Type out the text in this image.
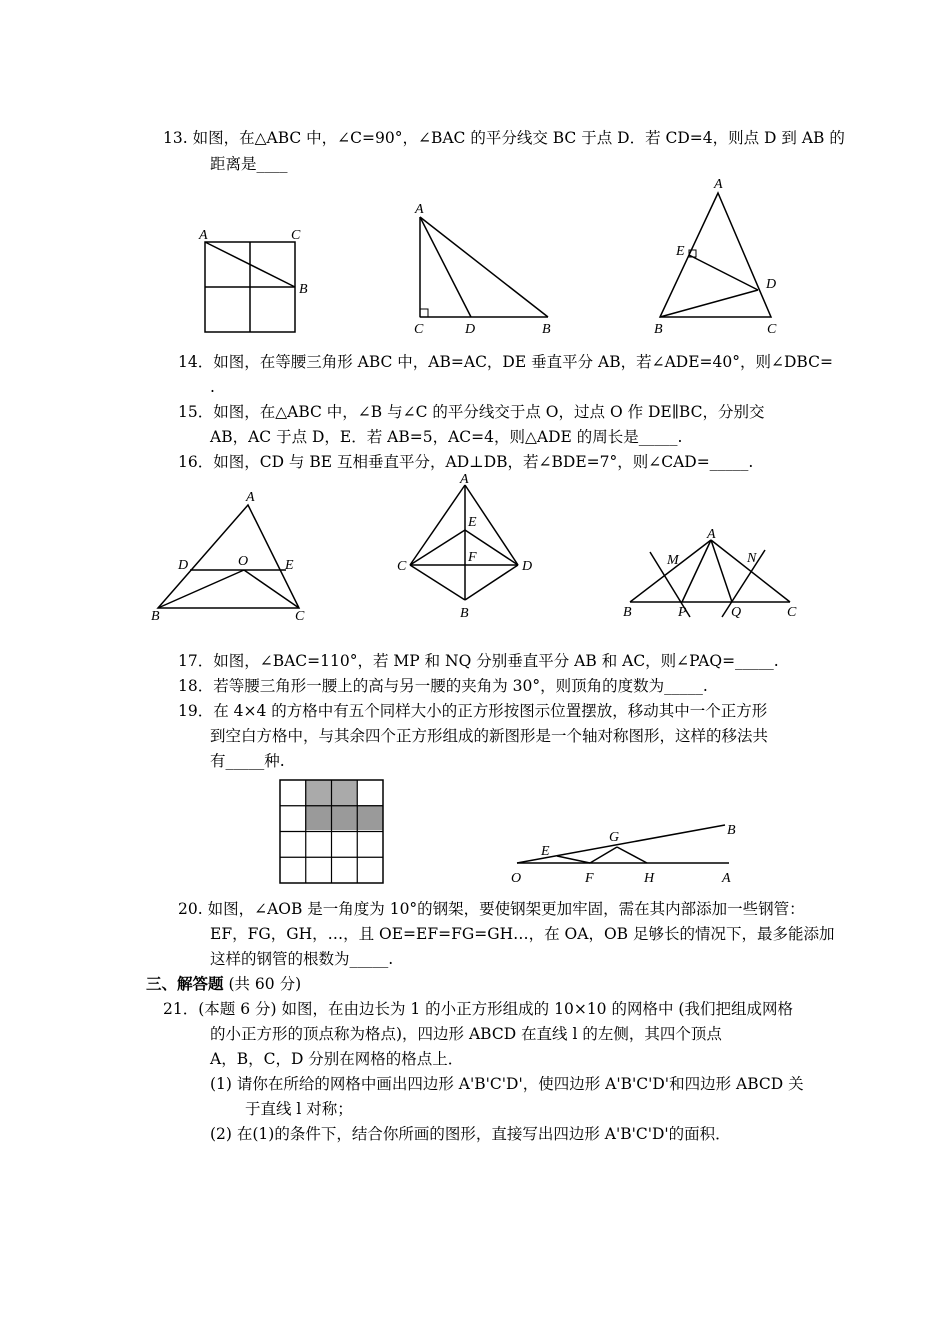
13. 如图，在△ABC 中，∠C=90°，∠BAC 的平分线交 BC 于点 D．若 CD=4，则点 D 到 AB 的
距离是____
A	C
B
A
C	D	B
A
E
D
B	C
14．如图，在等腰三角形 ABC 中，AB=AC，DE 垂直平分 AB，若∠ADE=40°，则∠DBC=
.
15．如图，在△ABC 中，∠B 与∠C 的平分线交于点 O，过点 O 作 DE∥BC，分别交
AB，AC 于点 D，E．若 AB=5，AC=4，则△ADE 的周长是_____.
16．如图，CD 与 BE 互相垂直平分，AD⊥DB，若∠BDE=7°，则∠CAD=_____.
A
D	O	E
B	C
A
E
F
C	D
B
A
M	N
B	P	Q	C
17．如图，∠BAC=110°，若 MP 和 NQ 分别垂直平分 AB 和 AC，则∠PAQ=_____.
18．若等腰三角形一腰上的高与另一腰的夹角为 30°，则顶角的度数为_____.
19．在 4×4 的方格中有五个同样大小的正方形按图示位置摆放，移动其中一个正方形
到空白方格中，与其余四个正方形组成的新图形是一个轴对称图形，这样的移法共
有_____种.
B
G
E
O	F	H	A
20. 如图，∠AOB 是一角度为 10°的钢架，要使钢架更加牢固，需在其内部添加一些钢管：
EF，FG，GH，…，且 OE=EF=FG=GH…，在 OA，OB 足够长的情况下，最多能添加
这样的钢管的根数为_____.
三、解答题 (共 60 分)
21．(本题 6 分) 如图，在由边长为 1 的小正方形组成的 10×10 的网格中 (我们把组成网格
的小正方形的顶点称为格点)，四边形 ABCD 在直线 l 的左侧，其四个顶点
A，B，C，D 分别在网格的格点上．
(1) 请你在所给的网格中画出四边形 A'B'C'D'，使四边形 A'B'C'D'和四边形 ABCD 关
于直线 l 对称；
(2) 在(1)的条件下，结合你所画的图形，直接写出四边形 A'B'C'D'的面积．
